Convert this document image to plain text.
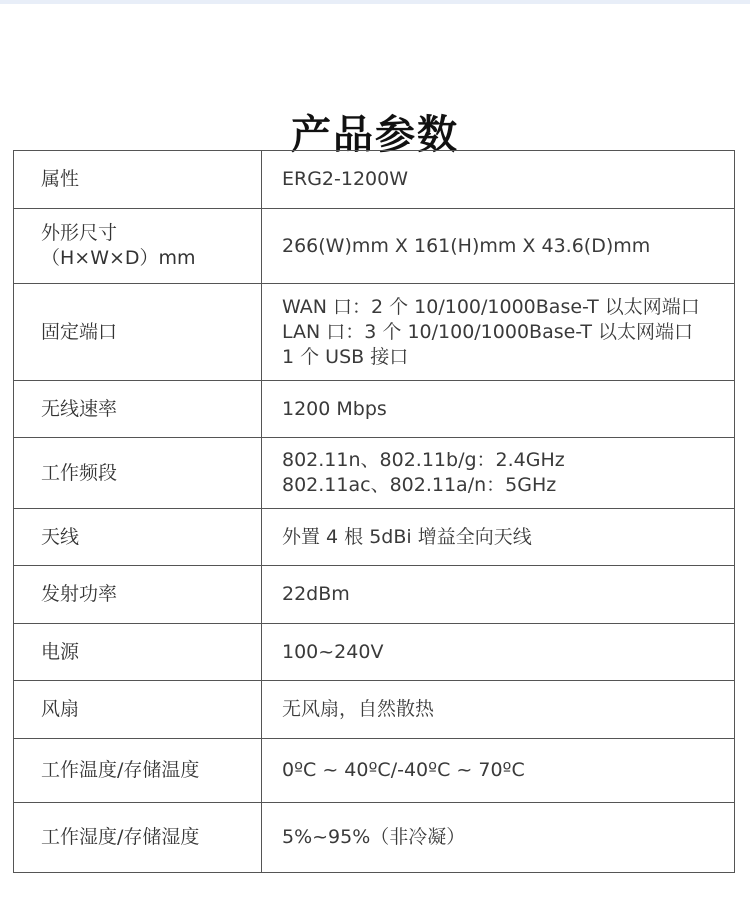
产品参数
属性	ERG2-1200W

外形尺寸
（H×W×D）mm	266(W)mm X 161(H)mm X 43.6(D)mm

固定端口	WAN 口：2 个 10/100/1000Base-T 以太网端口
LAN 口：3 个 10/100/1000Base-T 以太网端口
1 个 USB 接口

无线速率	1200 Mbps

工作频段	802.11n、802.11b/g：2.4GHz
802.11ac、802.11a/n：5GHz

天线	外置 4 根 5dBi 增益全向天线

发射功率	22dBm

电源	100~240V

风扇	无风扇，自然散热

工作温度/存储温度	0ºC ~ 40ºC/-40ºC ~ 70ºC

工作湿度/存储湿度	5%~95%（非冷凝）
